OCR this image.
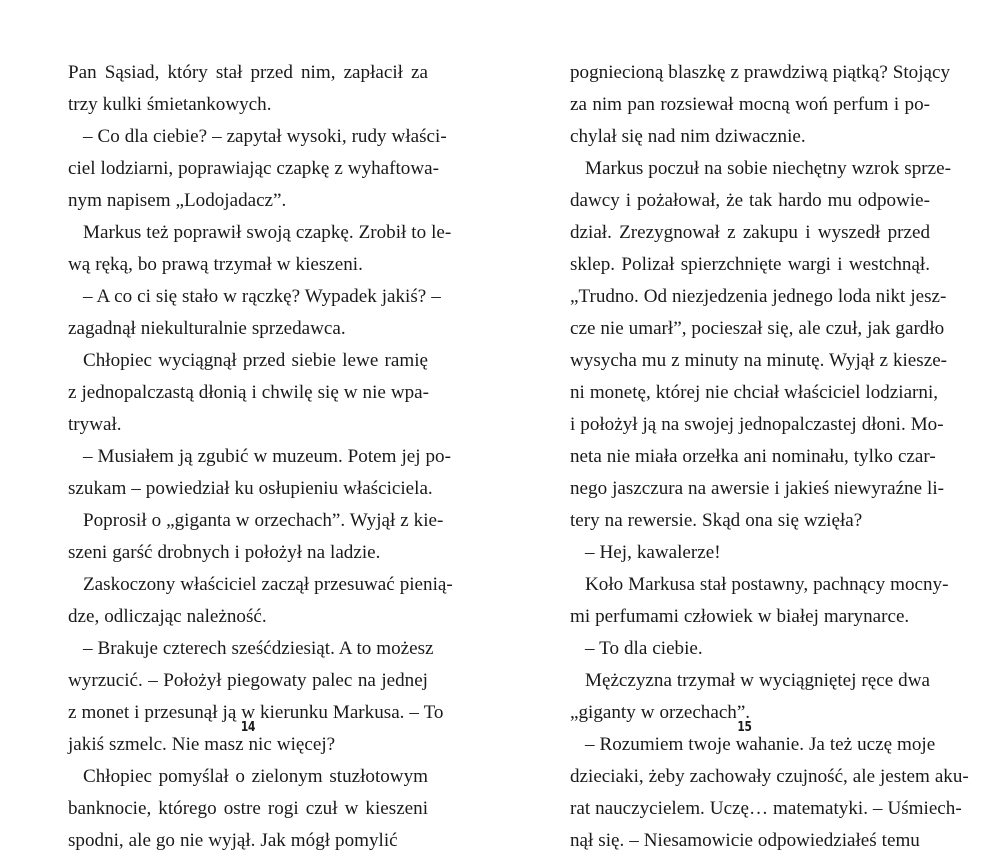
Pan Sąsiad, który stał przed nim, zapłacił za
trzy kulki śmietankowych.

– Co dla ciebie? – zapytał wysoki, rudy właści-
ciel lodziarni, poprawiając czapkę z wyhaftowa-
nym napisem „Lodojadacz”.

Markus też poprawił swoją czapkę. Zrobił to le-
wą ręką, bo prawą trzymał w kieszeni.

– A co ci się stało w rączkę? Wypadek jakiś? –
zagadnął niekulturalnie sprzedawca.

Chłopiec wyciągnął przed siebie lewe ramię
z jednopalczastą dłonią i chwilę się w nie wpa-
trywał.

– Musiałem ją zgubić w muzeum. Potem jej po-
szukam – powiedział ku osłupieniu właściciela.

Poprosił o „giganta w orzechach”. Wyjął z kie-
szeni garść drobnych i położył na ladzie.

Zaskoczony właściciel zaczął przesuwać pienią-
dze, odliczając należność.

– Brakuje czterech sześćdziesiąt. A to możesz
wyrzucić. – Położył piegowaty palec na jednej
z monet i przesunął ją w kierunku Markusa. – To
jakiś szmelc. Nie masz nic więcej?

Chłopiec pomyślał o zielonym stuzłotowym
banknocie, którego ostre rogi czuł w kieszeni
spodni, ale go nie wyjął. Jak mógł pomylić

14

pogniecioną blaszkę z prawdziwą piątką? Stojący
za nim pan rozsiewał mocną woń perfum i po-
chylał się nad nim dziwacznie.

Markus poczuł na sobie niechętny wzrok sprze-
dawcy i pożałował, że tak hardo mu odpowie-
dział. Zrezygnował z zakupu i wyszedł przed
sklep. Polizał spierzchnięte wargi i westchnął.
„Trudno. Od niezjedzenia jednego loda nikt jesz-
cze nie umarł”, pocieszał się, ale czuł, jak gardło
wysycha mu z minuty na minutę. Wyjął z kiesze-
ni monetę, której nie chciał właściciel lodziarni,
i położył ją na swojej jednopalczastej dłoni. Mo-
neta nie miała orzełka ani nominału, tylko czar-
nego jaszczura na awersie i jakieś niewyraźne li-
tery na rewersie. Skąd ona się wzięła?

– Hej, kawalerze!

Koło Markusa stał postawny, pachnący mocny-
mi perfumami człowiek w białej marynarce.

– To dla ciebie.

Mężczyzna trzymał w wyciągniętej ręce dwa
„giganty w orzechach”.

– Rozumiem twoje wahanie. Ja też uczę moje
dzieciaki, żeby zachowały czujność, ale jestem aku-
rat nauczycielem. Uczę… matematyki. – Uśmiech-
nął się. – Niesamowicie odpowiedziałeś temu

15
